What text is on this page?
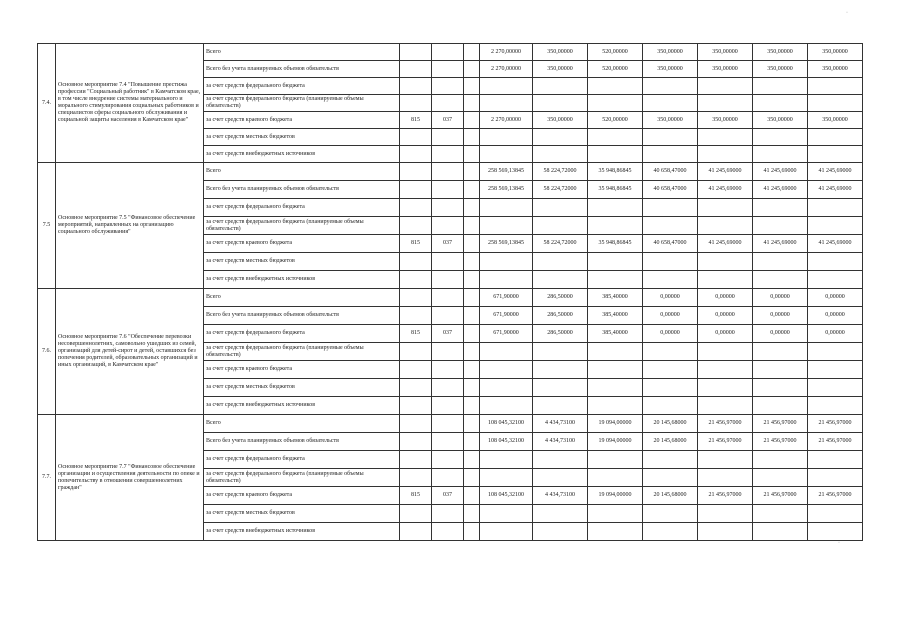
7.4.	Основное мероприятие 7.4 "Повышение престижа профессии "Социальный работник" в Камчатском крае, в том числе внедрение системы материального и морального стимулирования социальных работников и специалистов сферы социального обслуживания и социальной защиты населения в Камчатском крае"	Всего				2 270,00000	350,00000	520,00000	350,00000	350,00000	350,00000	350,00000
		Всего без учета планируемых объемов обязательств				2 270,00000	350,00000	520,00000	350,00000	350,00000	350,00000	350,00000
		за счет средств федерального бюджета										
		за счет средств федерального бюджета (планируемые объемы обязательств)										
		за счет средств краевого бюджета	815	037		2 270,00000	350,00000	520,00000	350,00000	350,00000	350,00000	350,00000
		за счет средств местных бюджетов										
		за счет средств внебюджетных источников										
7.5	Основное мероприятие 7.5 "Финансовое обеспечение мероприятий, направленных на организацию социального обслуживания"	Всего				258 569,13845	58 224,72000	35 948,86845	40 658,47000	41 245,69000	41 245,69000	41 245,69000
		Всего без учета планируемых объемов обязательств				258 569,13845	58 224,72000	35 948,86845	40 658,47000	41 245,69000	41 245,69000	41 245,69000
		за счет средств федерального бюджета										
		за счет средств федерального бюджета (планируемые объемы обязательств)										
		за счет средств краевого бюджета	815	037		258 569,13845	58 224,72000	35 948,86845	40 658,47000	41 245,69000	41 245,69000	41 245,69000
		за счет средств местных бюджетов										
		за счет средств внебюджетных источников										
7.6.	Основное мероприятие 7.6 "Обеспечение перевозки несовершеннолетних, самовольно ушедших из семей, организаций для детей-сирот и детей, оставшихся без попечения родителей, образовательных организаций и иных организаций, в Камчатском крае"	Всего				671,90000	286,50000	385,40000	0,00000	0,00000	0,00000	0,00000
		Всего без учета планируемых объемов обязательств				671,90000	286,50000	385,40000	0,00000	0,00000	0,00000	0,00000
		за счет средств федерального бюджета	815	037		671,90000	286,50000	385,40000	0,00000	0,00000	0,00000	0,00000
		за счет средств федерального бюджета (планируемые объемы обязательств)										
		за счет средств краевого бюджета										
		за счет средств местных бюджетов										
		за счет средств внебюджетных источников										
7.7.	Основное мероприятие 7.7 "Финансовое обеспечение организации и осуществления деятельности по опеке и попечительству в отношении совершеннолетних граждан"	Всего				108 045,32100	4 434,73100	19 094,00000	20 145,68000	21 456,97000	21 456,97000	21 456,97000
		Всего без учета планируемых объемов обязательств				108 045,32100	4 434,73100	19 094,00000	20 145,68000	21 456,97000	21 456,97000	21 456,97000
		за счет средств федерального бюджета										
		за счет средств федерального бюджета (планируемые объемы обязательств)										
		за счет средств краевого бюджета	815	037		108 045,32100	4 434,73100	19 094,00000	20 145,68000	21 456,97000	21 456,97000	21 456,97000
		за счет средств местных бюджетов										
		за счет средств внебюджетных источников										
·
·
